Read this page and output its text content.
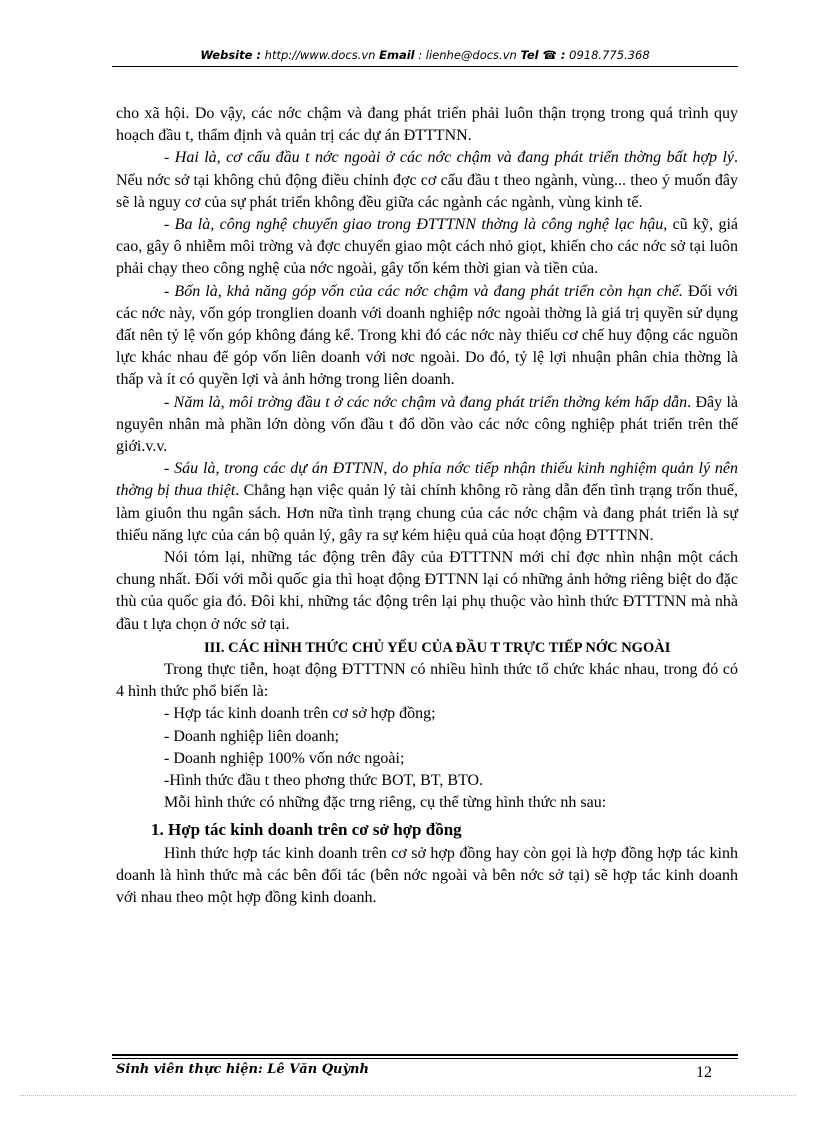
Website : http://www.docs.vn Email : lienhe@docs.vn Tel ☎ : 0918.775.368

cho xã hội. Do vậy, các nớc chậm và đang phát triển phải luôn thận trọng trong quá trình quy hoạch đầu t, thẩm định và quản trị các dự án ĐTTTNN.

- Hai là, cơ cấu đầu t nớc ngoài ở các nớc chậm và đang phát triển thờng bất hợp lý. Nếu nớc sở tại không chủ động điều chỉnh đợc cơ cấu đầu t theo ngành, vùng... theo ý muốn đây sẽ là nguy cơ của sự phát triển không đều giữa các ngành các ngành, vùng kinh tế.

- Ba là, công nghệ chuyển giao trong ĐTTTNN thờng là công nghệ lạc hậu, cũ kỹ, giá cao, gây ô nhiễm môi trờng và đợc chuyển giao một cách nhỏ giọt, khiến cho các nớc sở tại luôn phải chạy theo công nghệ của nớc ngoài, gây tốn kém thời gian và tiền của.

- Bốn là, khả năng góp vốn của các nớc chậm và đang phát triển còn hạn chế. Đối với các nớc này, vốn góp tronglien doanh với doanh nghiệp nớc ngoài thờng là giá trị quyền sử dụng đất nên tỷ lệ vốn góp không đáng kể. Trong khi đó các nớc này thiếu cơ chế huy động các nguồn lực khác nhau để góp vốn liên doanh với nơc ngoài. Do đó, tỷ lệ lợi nhuận phân chia thờng là thấp và ít có quyền lợi và ảnh hởng trong liên doanh.

- Năm là, môi trờng đầu t ở các nớc chậm và đang phát triển thờng kém hấp dẫn. Đây là nguyên nhân mà phần lớn dòng vốn đầu t đổ dồn vào các nớc công nghiệp phát triển trên thế giới.v.v.

- Sáu là, trong các dự án ĐTTNN, do phía nớc tiếp nhận thiếu kinh nghiệm quản lý nên thờng bị thua thiệt. Chẳng hạn việc quản lý tài chính không rõ ràng dẫn đến tình trạng trốn thuế, làm giuôn thu ngân sách. Hơn nữa tình trạng chung của các nớc chậm và đang phát triển là sự thiếu năng lực của cán bộ quản lý, gây ra sự kém hiệu quả của hoạt động ĐTTTNN.

Nói tóm lại, những tác động trên đây của ĐTTTNN mới chỉ đợc nhìn nhận một cách chung nhất. Đối với mỗi quốc gia thì hoạt động ĐTTNN lại có những ảnh hởng riêng biệt do đặc thù của quốc gia đó. Đôi khi, những tác động trên lại phụ thuộc vào hình thức ĐTTTNN mà nhà đầu t lựa chọn ở nớc sở tại.

III. CÁC HÌNH THỨC CHỦ YẾU CỦA ĐẦU T TRỰC TIẾP NỚC NGOÀI

Trong thực tiễn, hoạt động ĐTTTNN có nhiều hình thức tổ chức khác nhau, trong đó có 4 hình thức phổ biến là:

- Hợp tác kinh doanh trên cơ sở hợp đồng;

- Doanh nghiệp liên doanh;

- Doanh nghiệp 100% vốn nớc ngoài;

-Hình thức đầu t theo phơng thức BOT, BT, BTO.

Mỗi hình thức có những đặc trng riêng, cụ thể từng hình thức nh sau:

1. Hợp tác kinh doanh trên cơ sở hợp đồng

Hình thức hợp tác kinh doanh trên cơ sở hợp đồng hay còn gọi là hợp đồng hợp tác kinh doanh là hình thức mà các bên đối tác (bên nớc ngoài và bên nớc sở tại) sẽ hợp tác kinh doanh với nhau theo một hợp đồng kinh doanh.

Sinh viên thực hiện: Lê Văn Quỳnh	12
